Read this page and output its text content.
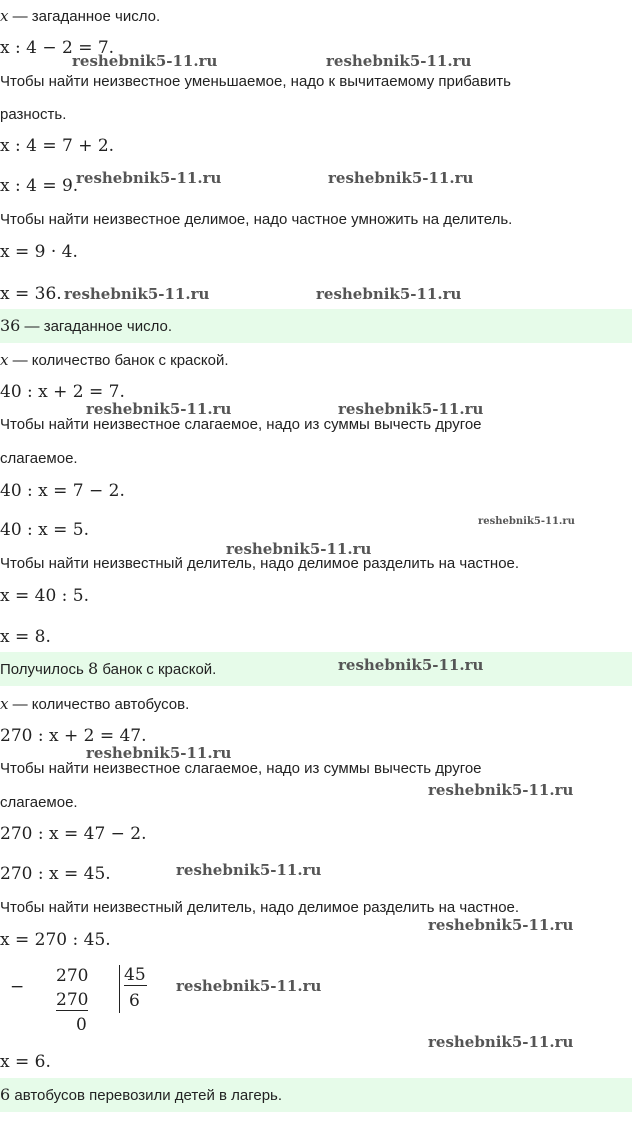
x — загаданное число.
x : 4 − 2 = 7.
Чтобы найти неизвестное уменьшаемое, надо к вычитаемому прибавить
разность.
x : 4 = 7 + 2.
x : 4 = 9.
Чтобы найти неизвестное делимое, надо частное умножить на делитель.
x = 9 · 4.
x = 36.
36 — загаданное число.
x — количество банок с краской.
40 : x + 2 = 7.
Чтобы найти неизвестное слагаемое, надо из суммы вычесть другое
слагаемое.
40 : x = 7 − 2.
40 : x = 5.
Чтобы найти неизвестный делитель, надо делимое разделить на частное.
x = 40 : 5.
x = 8.
Получилось 8 банок с краской.
x — количество автобусов.
270 : x + 2 = 47.
Чтобы найти неизвестное слагаемое, надо из суммы вычесть другое
слагаемое.
270 : x = 47 − 2.
270 : x = 45.
Чтобы найти неизвестный делитель, надо делимое разделить на частное.
x = 270 : 45.
−
270
270
0
45
6
x = 6.
6 автобусов перевозили детей в лагерь.
reshebnik5-11.ru	reshebnik5-11.ru
reshebnik5-11.ru	reshebnik5-11.ru
reshebnik5-11.ru	reshebnik5-11.ru
reshebnik5-11.ru	reshebnik5-11.ru
reshebnik5-11.ru
reshebnik5-11.ru
reshebnik5-11.ru
reshebnik5-11.ru
reshebnik5-11.ru
reshebnik5-11.ru
reshebnik5-11.ru
reshebnik5-11.ru
reshebnik5-11.ru
